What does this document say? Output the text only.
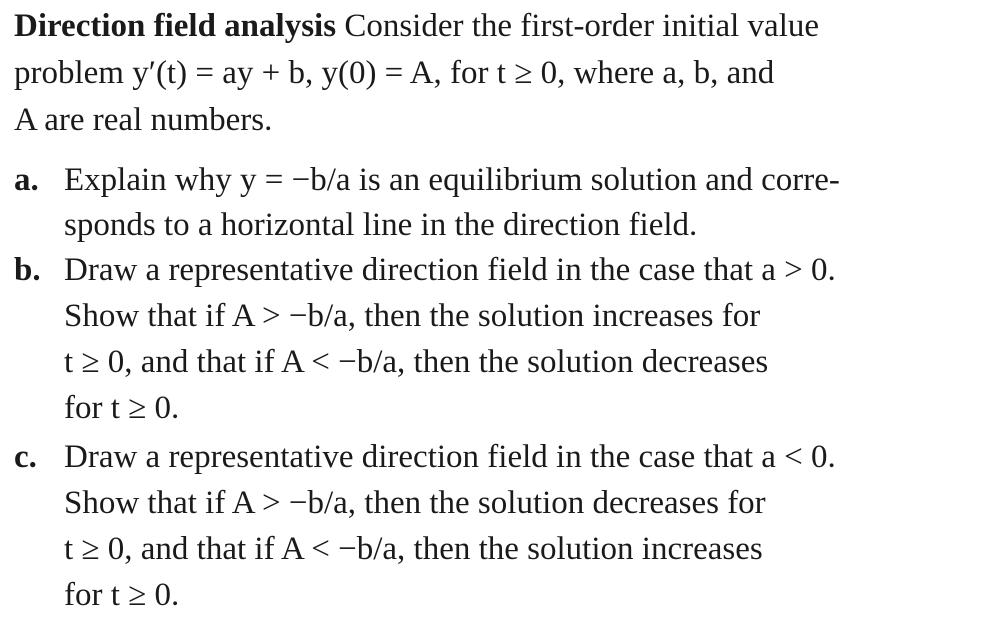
Direction field analysis Consider the first-order initial value
problem y′(t) = ay + b, y(0) = A, for t ≥ 0, where a, b, and
A are real numbers.
a. Explain why y = −b/a is an equilibrium solution and corre-
sponds to a horizontal line in the direction field.
b. Draw a representative direction field in the case that a > 0.
Show that if A > −b/a, then the solution increases for
t ≥ 0, and that if A < −b/a, then the solution decreases
for t ≥ 0.
c. Draw a representative direction field in the case that a < 0.
Show that if A > −b/a, then the solution decreases for
t ≥ 0, and that if A < −b/a, then the solution increases
for t ≥ 0.
